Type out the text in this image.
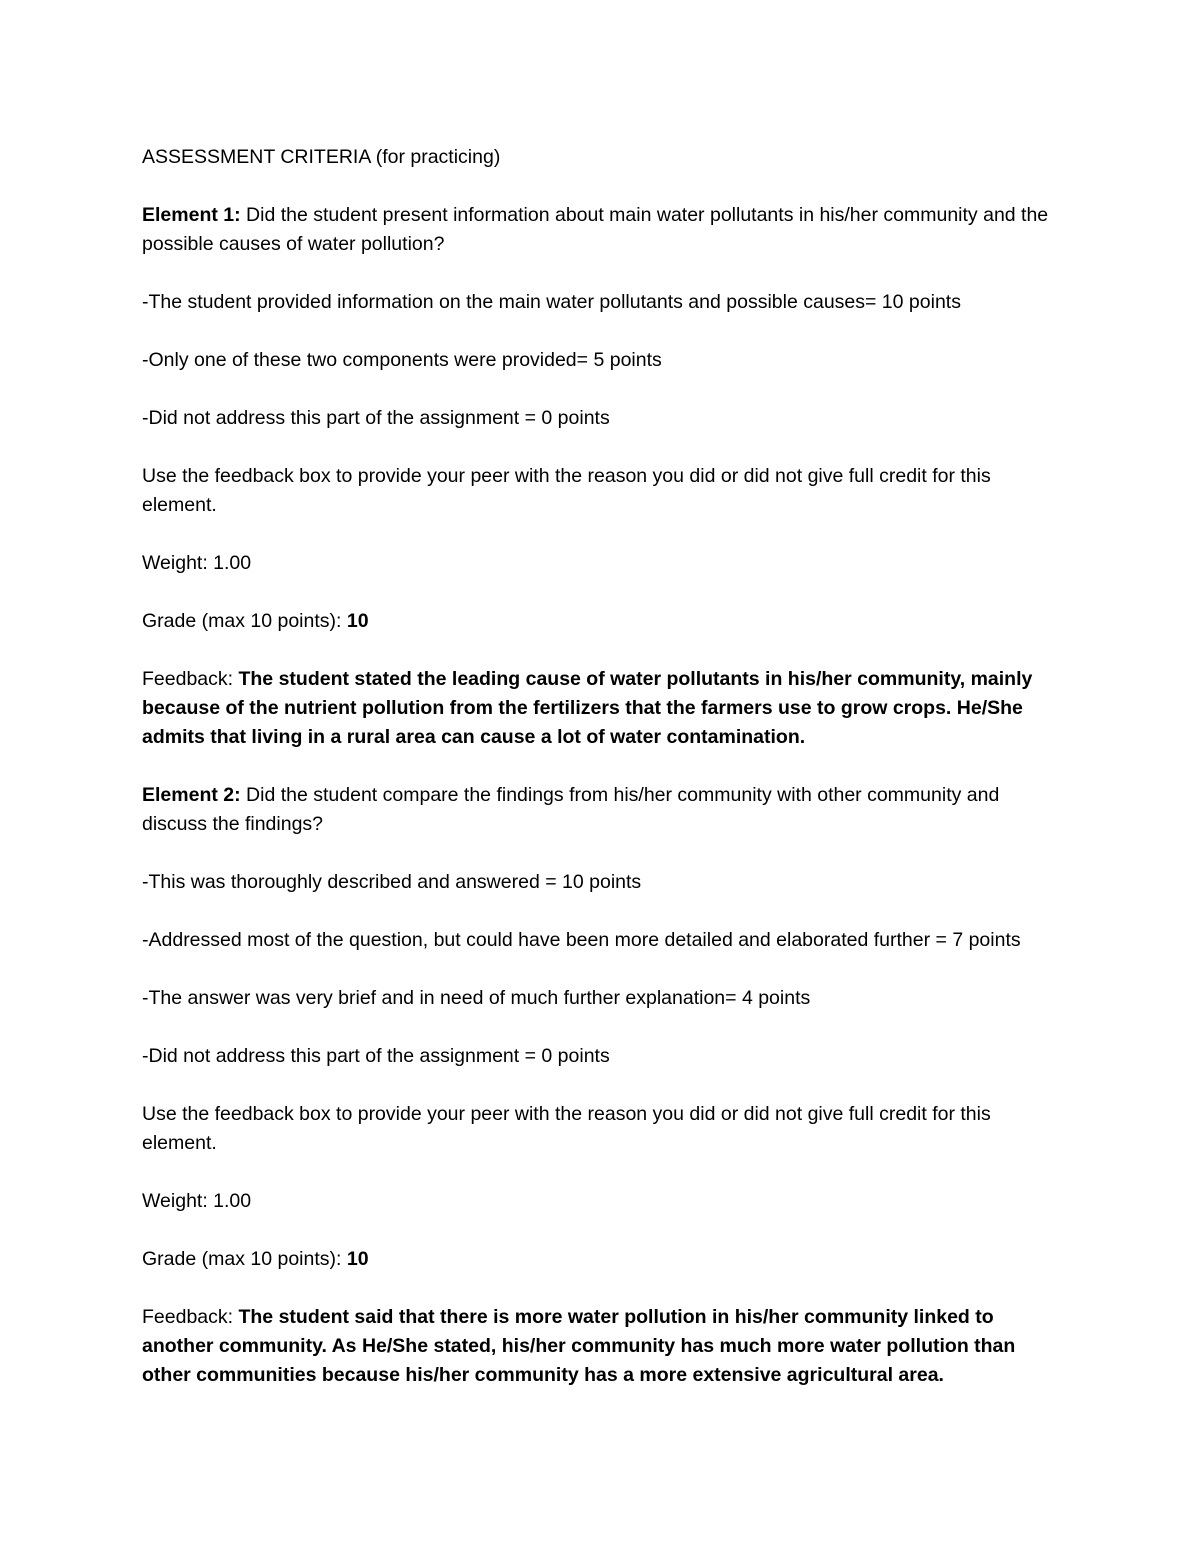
ASSESSMENT CRITERIA (for practicing)

Element 1: Did the student present information about main water pollutants in his/her community and the possible causes of water pollution?

-The student provided information on the main water pollutants and possible causes= 10 points

-Only one of these two components were provided= 5 points

-Did not address this part of the assignment = 0 points

Use the feedback box to provide your peer with the reason you did or did not give full credit for this element.

Weight: 1.00

Grade (max 10 points): 10

Feedback: The student stated the leading cause of water pollutants in his/her community, mainly because of the nutrient pollution from the fertilizers that the farmers use to grow crops. He/She admits that living in a rural area can cause a lot of water contamination.

Element 2: Did the student compare the findings from his/her community with other community and discuss the findings?

-This was thoroughly described and answered = 10 points

-Addressed most of the question, but could have been more detailed and elaborated further = 7 points

-The answer was very brief and in need of much further explanation= 4 points

-Did not address this part of the assignment = 0 points

Use the feedback box to provide your peer with the reason you did or did not give full credit for this element.

Weight: 1.00

Grade (max 10 points): 10

Feedback: The student said that there is more water pollution in his/her community linked to another community. As He/She stated, his/her community has much more water pollution than other communities because his/her community has a more extensive agricultural area.
